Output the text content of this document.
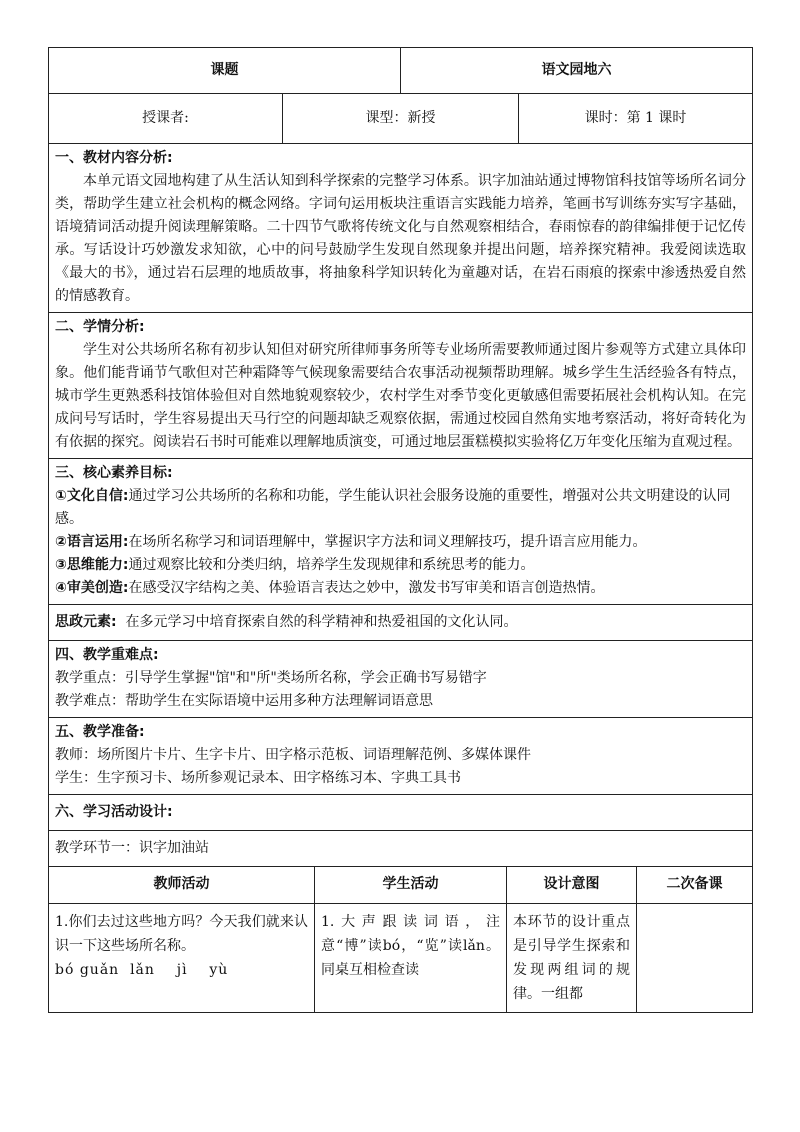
课题		语文园地六	
授课者:	课型：新授		课时：第 1 课时

一、教材内容分析:

本单元语文园地构建了从生活认知到科学探索的完整学习体系。识字加油站通过博物馆科技馆等场所名词分类，帮助学生建立社会机构的概念网络。字词句运用板块注重语言实践能力培养，笔画书写训练夯实写字基础，语境猜词活动提升阅读理解策略。二十四节气歌将传统文化与自然观察相结合，春雨惊春的韵律编排便于记忆传承。写话设计巧妙激发求知欲，心中的问号鼓励学生发现自然现象并提出问题，培养探究精神。我爱阅读选取《最大的书》，通过岩石层理的地质故事，将抽象科学知识转化为童趣对话，在岩石雨痕的探索中渗透热爱自然的情感教育。			

二、学情分析:

学生对公共场所名称有初步认知但对研究所律师事务所等专业场所需要教师通过图片参观等方式建立具体印象。他们能背诵节气歌但对芒种霜降等气候现象需要结合农事活动视频帮助理解。城乡学生生活经验各有特点，城市学生更熟悉科技馆体验但对自然地貌观察较少，农村学生对季节变化更敏感但需要拓展社会机构认知。在完成问号写话时，学生容易提出天马行空的问题却缺乏观察依据，需通过校园自然角实地考察活动，将好奇转化为有依据的探究。阅读岩石书时可能难以理解地质演变，可通过地层蛋糕模拟实验将亿万年变化压缩为直观过程。			

三、核心素养目标:
①文化自信:通过学习公共场所的名称和功能，学生能认识社会服务设施的重要性，增强对公共文明建设的认同感。
②语言运用:在场所名称学习和词语理解中，掌握识字方法和词义理解技巧，提升语言应用能力。
③思维能力:通过观察比较和分类归纳，培养学生发现规律和系统思考的能力。
④审美创造:在感受汉字结构之美、体验语言表达之妙中，激发书写审美和语言创造热情。			

思政元素: 在多元学习中培育探索自然的科学精神和热爱祖国的文化认同。			

四、教学重难点:
教学重点：引导学生掌握"馆"和"所"类场所名称，学会正确书写易错字
教学难点：帮助学生在实际语境中运用多种方法理解词语意思			

五、教学准备:
教师：场所图片卡片、生字卡片、田字格示范板、词语理解范例、多媒体课件
学生：生字预习卡、场所参观记录本、田字格练习本、字典工具书			

六、学习活动设计:			

教学环节一：识字加油站			
教师活动	学生活动	设计意图	二次备课

1.你们去过这些地方吗？今天我们就来认识一下这些场所名称。
bó guǎn  lǎn    jì    yù	1.大声跟读词语，注意“博”读bó，“览”读lǎn。同桌互相检查读	本环节的设计重点是引导学生探索和发现两组词的规律。一组都	
